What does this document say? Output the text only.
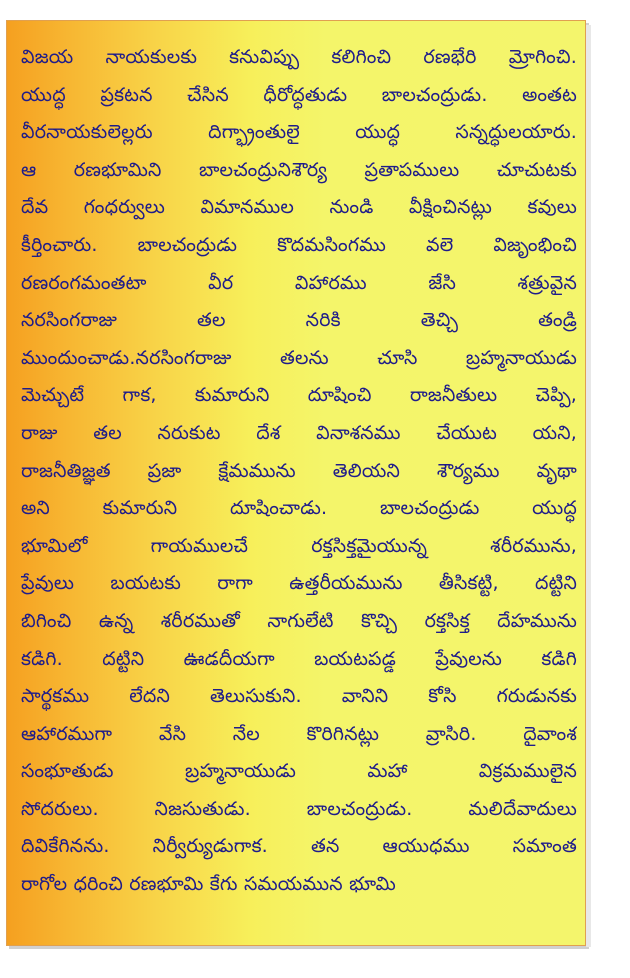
విజయ నాయకులకు కనువిప్పు కలిగించి రణభేరి మ్రోగించి.
యుద్ధ ప్రకటన చేసిన ధీరోద్ధతుడు బాలచంద్రుడు. అంతట
వీరనాయకులెల్లరు దిగ్భ్రాంతులై యుద్ధ సన్నద్ధులయారు.
ఆ రణభూమిని బాలచంద్రునిశౌర్య ప్రతాపములు చూచుటకు
దేవ గంధర్వులు విమానముల నుండి వీక్షించినట్లు కవులు
కీర్తించారు. బాలచంద్రుడు కొదమసింగము వలె విజృంభించి
రణరంగమంతటా వీర విహారము జేసి శత్రువైన
నరసింగరాజు తల నరికి తెచ్చి తండ్రి
ముందుంచాడు.నరసింగరాజు తలను చూసి బ్రహ్మనాయుడు
మెచ్చుటే గాక, కుమారుని దూషించి రాజనీతులు చెప్పి,
రాజు తల నరుకుట దేశ వినాశనము చేయుట యని,
రాజనీతిజ్ఞత ప్రజా క్షేమమును తెలియని శౌర్యము వృథా
అని కుమారుని దూషించాడు. బాలచంద్రుడు యుద్ధ
భూమిలో గాయములచే రక్తసిక్తమైయున్న శరీరమును,
ప్రేవులు బయటకు రాగా ఉత్తరీయమును తీసికట్టి, దట్టిని
బిగించి ఉన్న శరీరముతో నాగులేటి కొచ్చి రక్తసిక్త దేహమును
కడిగి. దట్టిని ఊడదీయగా బయటపడ్డ ప్రేవులను కడిగి
సార్థకము లేదని తెలుసుకుని. వానిని కోసి గరుడునకు
ఆహారముగా వేసి నేల కొరిగినట్లు వ్రాసిరి. దైవాంశ
సంభూతుడు బ్రహ్మనాయుడు మహా విక్రమములైన
సోదరులు. నిజసుతుడు. బాలచంద్రుడు. మలిదేవాదులు
దివికేగినను. నిర్వీర్యుడుగాక. తన ఆయుధము సమాంత
రాగోల ధరించి రణభూమి కేగు సమయమున భూమి
